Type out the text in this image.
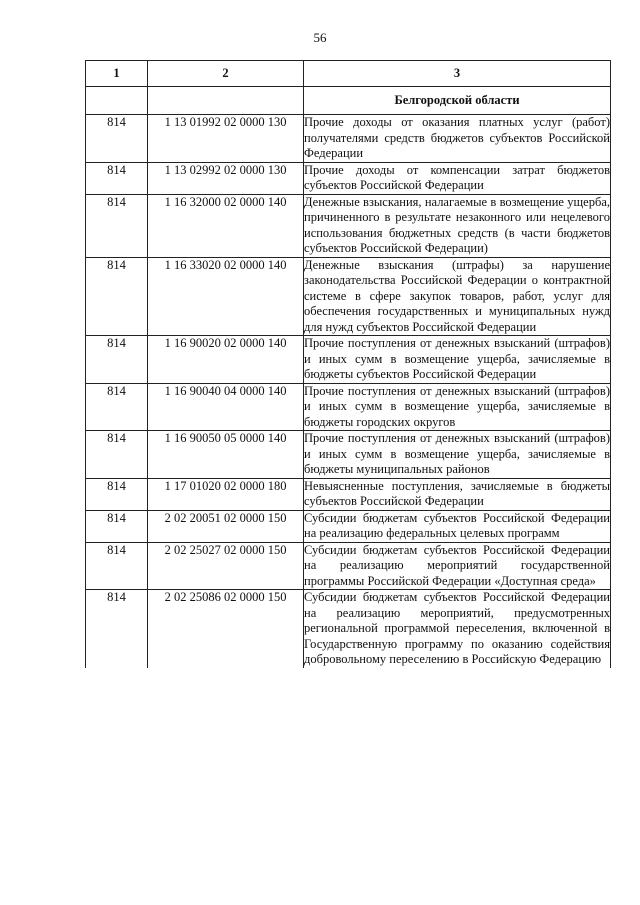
56
1	2	3
		Белгородской области
814	1 13 01992 02 0000 130	Прочие доходы от оказания платных услуг (работ) получателями средств бюджетов субъектов Российской Федерации
814	1 13 02992 02 0000 130	Прочие доходы от компенсации затрат бюджетов субъектов Российской Федерации
814	1 16 32000 02 0000 140	Денежные взыскания, налагаемые в возмещение ущерба, причиненного в результате незаконного или нецелевого использования бюджетных средств (в части бюджетов субъектов Российской Федерации)
814	1 16 33020 02 0000 140	Денежные взыскания (штрафы) за нарушение законодательства Российской Федерации о контрактной системе в сфере закупок товаров, работ, услуг для обеспечения государственных и муниципальных нужд для нужд субъектов Российской Федерации
814	1 16 90020 02 0000 140	Прочие поступления от денежных взысканий (штрафов) и иных сумм в возмещение ущерба, зачисляемые в бюджеты субъектов Российской Федерации
814	1 16 90040 04 0000 140	Прочие поступления от денежных взысканий (штрафов) и иных сумм в возмещение ущерба, зачисляемые в бюджеты городских округов
814	1 16 90050 05 0000 140	Прочие поступления от денежных взысканий (штрафов) и иных сумм в возмещение ущерба, зачисляемые в бюджеты муниципальных районов
814	1 17 01020 02 0000 180	Невыясненные поступления, зачисляемые в бюджеты субъектов Российской Федерации
814	2 02 20051 02 0000 150	Субсидии бюджетам субъектов Российской Федерации на реализацию федеральных целевых программ
814	2 02 25027 02 0000 150	Субсидии бюджетам субъектов Российской Федерации на реализацию мероприятий государственной программы Российской Федерации «Доступная среда»
814	2 02 25086 02 0000 150	Субсидии бюджетам субъектов Российской Федерации на реализацию мероприятий, предусмотренных региональной программой переселения, включенной в Государственную программу по оказанию содействия добровольному переселению в Российскую Федерацию
